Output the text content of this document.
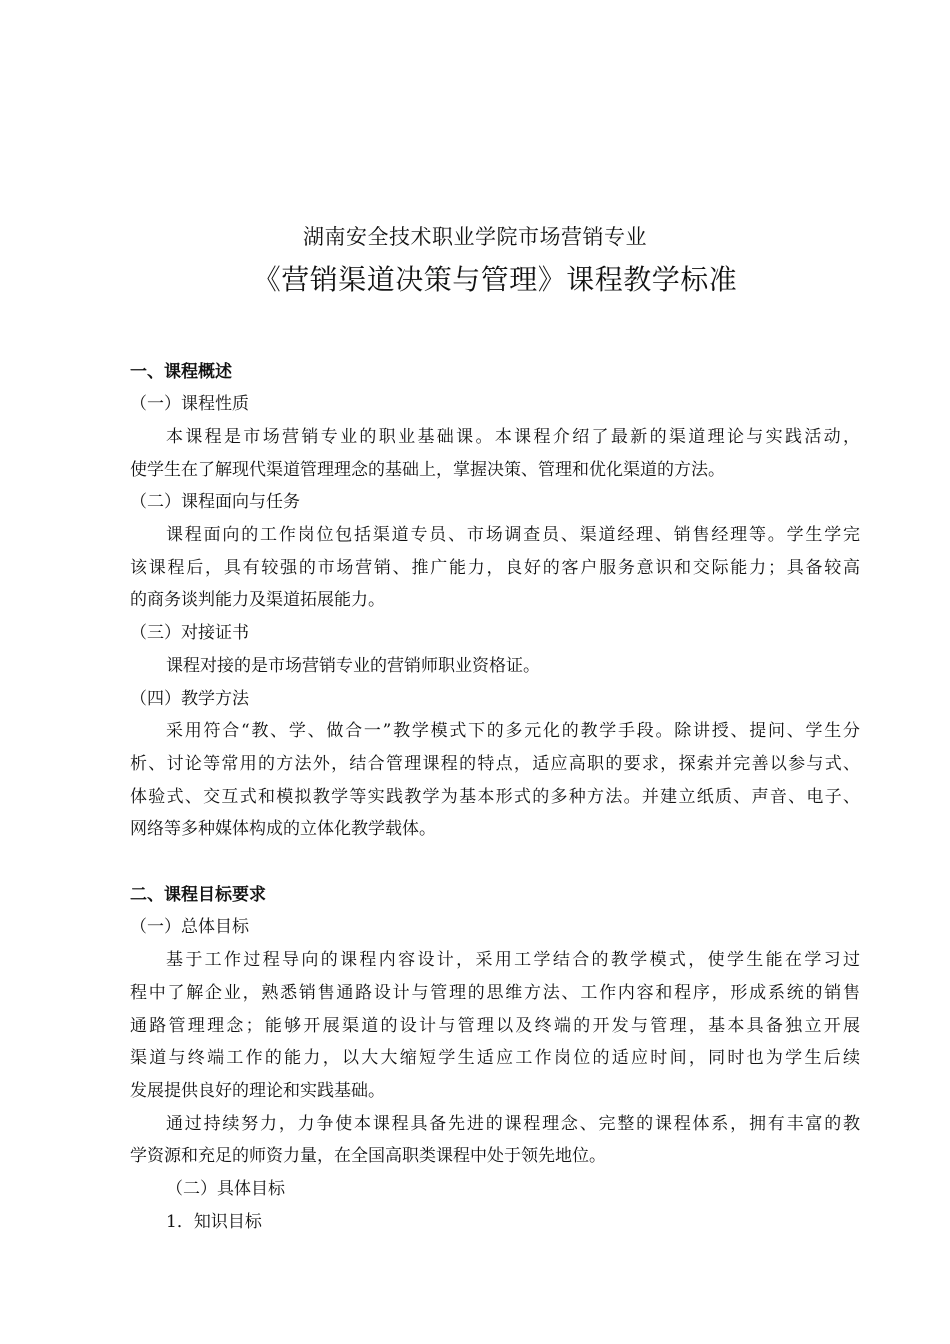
湖南安全技术职业学院市场营销专业
《营销渠道决策与管理》课程教学标准
一、课程概述
（一）课程性质
本课程是市场营销专业的职业基础课。本课程介绍了最新的渠道理论与实践活动，
使学生在了解现代渠道管理理念的基础上，掌握决策、管理和优化渠道的方法。
（二）课程面向与任务
课程面向的工作岗位包括渠道专员、市场调查员、渠道经理、销售经理等。学生学完
该课程后，具有较强的市场营销、推广能力，良好的客户服务意识和交际能力；具备较高
的商务谈判能力及渠道拓展能力。
（三）对接证书
课程对接的是市场营销专业的营销师职业资格证。
（四）教学方法
采用符合“教、学、做合一”教学模式下的多元化的教学手段。除讲授、提问、学生分
析、讨论等常用的方法外，结合管理课程的特点，适应高职的要求，探索并完善以参与式、
体验式、交互式和模拟教学等实践教学为基本形式的多种方法。并建立纸质、声音、电子、
网络等多种媒体构成的立体化教学载体。
二、课程目标要求
（一）总体目标
基于工作过程导向的课程内容设计，采用工学结合的教学模式，使学生能在学习过
程中了解企业，熟悉销售通路设计与管理的思维方法、工作内容和程序，形成系统的销售
通路管理理念；能够开展渠道的设计与管理以及终端的开发与管理，基本具备独立开展
渠道与终端工作的能力，以大大缩短学生适应工作岗位的适应时间，同时也为学生后续
发展提供良好的理论和实践基础。
通过持续努力，力争使本课程具备先进的课程理念、完整的课程体系，拥有丰富的教
学资源和充足的师资力量，在全国高职类课程中处于领先地位。
（二）具体目标
1．知识目标
